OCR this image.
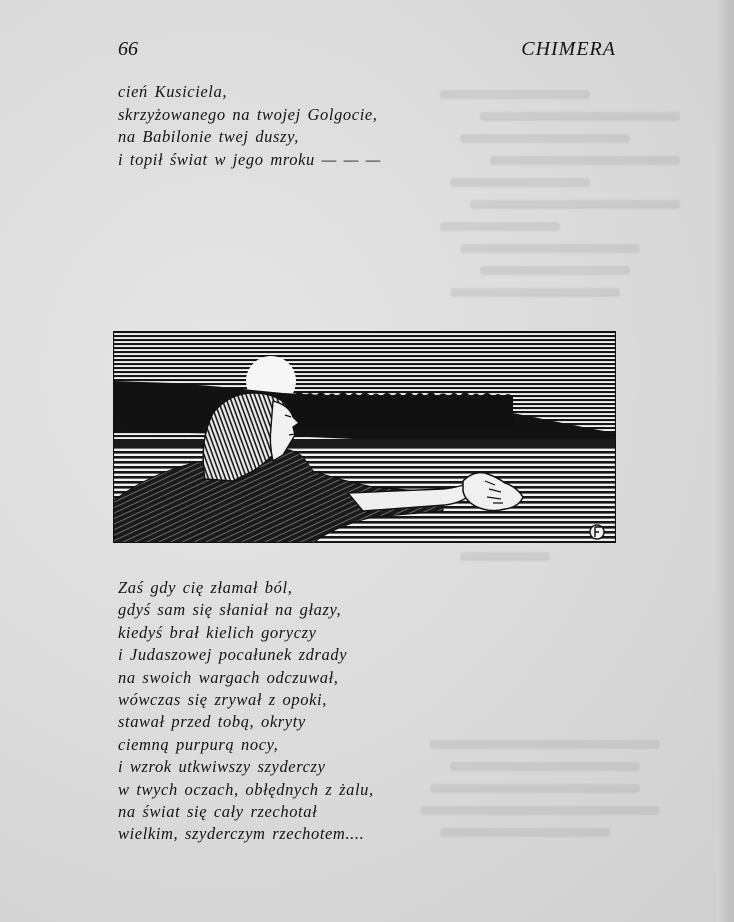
66	CHIMERA
cień Kusiciela,
skrzyżowanego na twojej Golgocie,
na Babilonie twej duszy,
i topił świat w jego mroku — — —
Zaś gdy cię złamał ból,
gdyś sam się słaniał na głazy,
kiedyś brał kielich goryczy
i Judaszowej pocałunek zdrady
na swoich wargach odczuwał,
wówczas się zrywał z opoki,
stawał przed tobą, okryty
ciemną purpurą nocy,
i wzrok utkwiwszy szyderczy
w twych oczach, obłędnych z żalu,
na świat się cały rzechotał
wielkim, szyderczym rzechotem....
